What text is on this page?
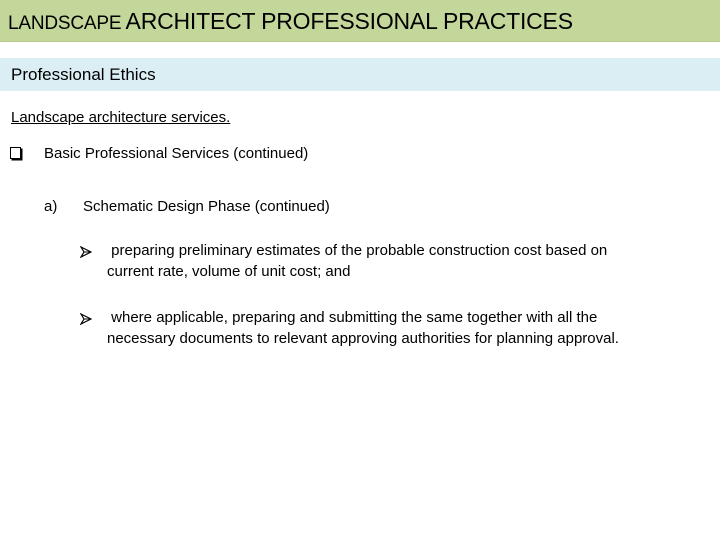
LANDSCAPE ARCHITECT PROFESSIONAL PRACTICES
Professional Ethics
Landscape architecture services.
Basic Professional Services (continued)
a) Schematic Design Phase (continued)
preparing preliminary estimates of the probable construction cost based on
current rate, volume of unit cost; and
where applicable, preparing and submitting the same together with all the
necessary documents to relevant approving authorities for planning approval.
